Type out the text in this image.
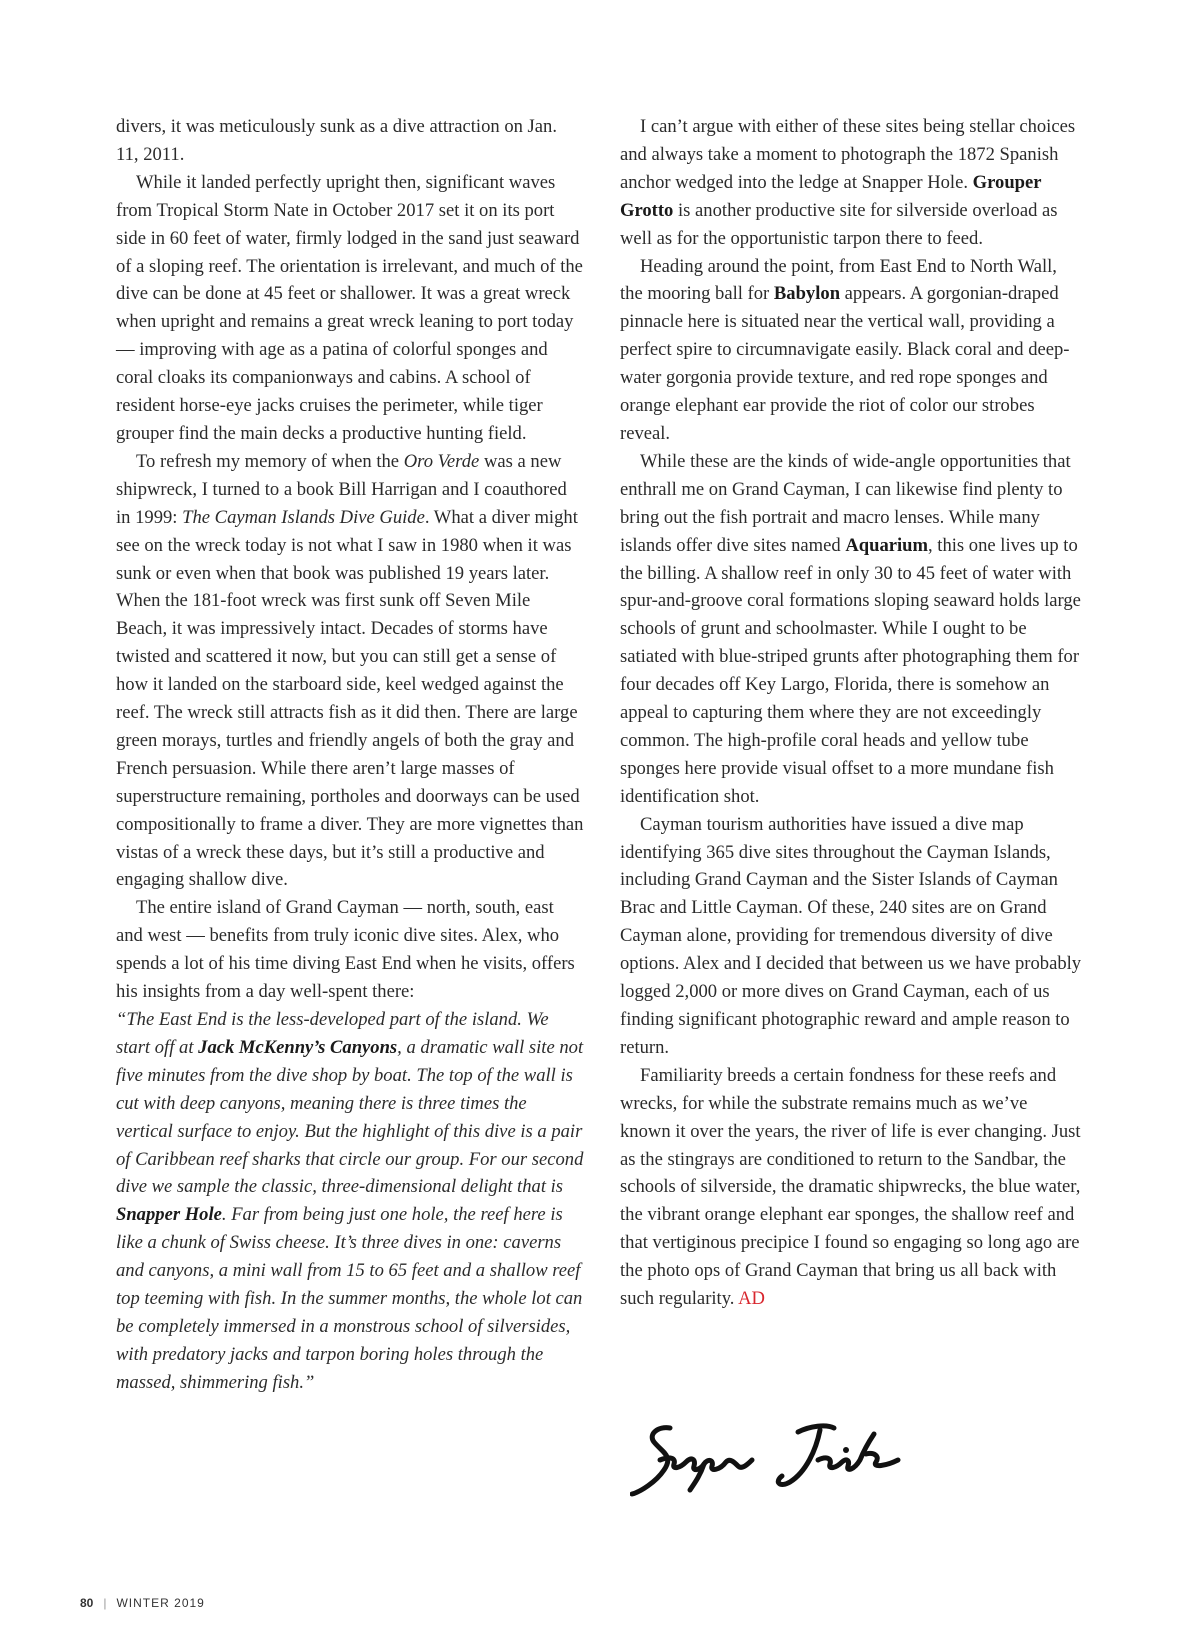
divers, it was meticulously sunk as a dive attraction on Jan. 11, 2011.

While it landed perfectly upright then, significant waves from Tropical Storm Nate in October 2017 set it on its port side in 60 feet of water, firmly lodged in the sand just seaward of a sloping reef. The orientation is irrelevant, and much of the dive can be done at 45 feet or shallower. It was a great wreck when upright and remains a great wreck leaning to port today — improving with age as a patina of colorful sponges and coral cloaks its companionways and cabins. A school of resident horse-eye jacks cruises the perimeter, while tiger grouper find the main decks a productive hunting field.

To refresh my memory of when the Oro Verde was a new shipwreck, I turned to a book Bill Harrigan and I coauthored in 1999: The Cayman Islands Dive Guide. What a diver might see on the wreck today is not what I saw in 1980 when it was sunk or even when that book was published 19 years later. When the 181-foot wreck was first sunk off Seven Mile Beach, it was impressively intact. Decades of storms have twisted and scattered it now, but you can still get a sense of how it landed on the starboard side, keel wedged against the reef. The wreck still attracts fish as it did then. There are large green morays, turtles and friendly angels of both the gray and French persuasion. While there aren’t large masses of superstructure remaining, portholes and doorways can be used compositionally to frame a diver. They are more vignettes than vistas of a wreck these days, but it’s still a productive and engaging shallow dive.

The entire island of Grand Cayman — north, south, east and west — benefits from truly iconic dive sites. Alex, who spends a lot of his time diving East End when he visits, offers his insights from a day well-spent there:

“The East End is the less-developed part of the island. We start off at Jack McKenny’s Canyons, a dramatic wall site not five minutes from the dive shop by boat. The top of the wall is cut with deep canyons, meaning there is three times the vertical surface to enjoy. But the highlight of this dive is a pair of Caribbean reef sharks that circle our group. For our second dive we sample the classic, three-dimensional delight that is Snapper Hole. Far from being just one hole, the reef here is like a chunk of Swiss cheese. It’s three dives in one: caverns and canyons, a mini wall from 15 to 65 feet and a shallow reef top teeming with fish. In the summer months, the whole lot can be completely immersed in a monstrous school of silversides, with predatory jacks and tarpon boring holes through the massed, shimmering fish.”

I can’t argue with either of these sites being stellar choices and always take a moment to photograph the 1872 Spanish anchor wedged into the ledge at Snapper Hole. Grouper Grotto is another productive site for silverside overload as well as for the opportunistic tarpon there to feed.

Heading around the point, from East End to North Wall, the mooring ball for Babylon appears. A gorgonian-draped pinnacle here is situated near the vertical wall, providing a perfect spire to circumnavigate easily. Black coral and deep-water gorgonia provide texture, and red rope sponges and orange elephant ear provide the riot of color our strobes reveal.

While these are the kinds of wide-angle opportunities that enthrall me on Grand Cayman, I can likewise find plenty to bring out the fish portrait and macro lenses. While many islands offer dive sites named Aquarium, this one lives up to the billing. A shallow reef in only 30 to 45 feet of water with spur-and-groove coral formations sloping seaward holds large schools of grunt and schoolmaster. While I ought to be satiated with blue-striped grunts after photographing them for four decades off Key Largo, Florida, there is somehow an appeal to capturing them where they are not exceedingly common. The high-profile coral heads and yellow tube sponges here provide visual offset to a more mundane fish identification shot.

Cayman tourism authorities have issued a dive map identifying 365 dive sites throughout the Cayman Islands, including Grand Cayman and the Sister Islands of Cayman Brac and Little Cayman. Of these, 240 sites are on Grand Cayman alone, providing for tremendous diversity of dive options. Alex and I decided that between us we have probably logged 2,000 or more dives on Grand Cayman, each of us finding significant photographic reward and ample reason to return.

Familiarity breeds a certain fondness for these reefs and wrecks, for while the substrate remains much as we’ve known it over the years, the river of life is ever changing. Just as the stingrays are conditioned to return to the Sandbar, the schools of silverside, the dramatic shipwrecks, the blue water, the vibrant orange elephant ear sponges, the shallow reef and that vertiginous precipice I found so engaging so long ago are the photo ops of Grand Cayman that bring us all back with such regularity. AD

80 | WINTER 2019
